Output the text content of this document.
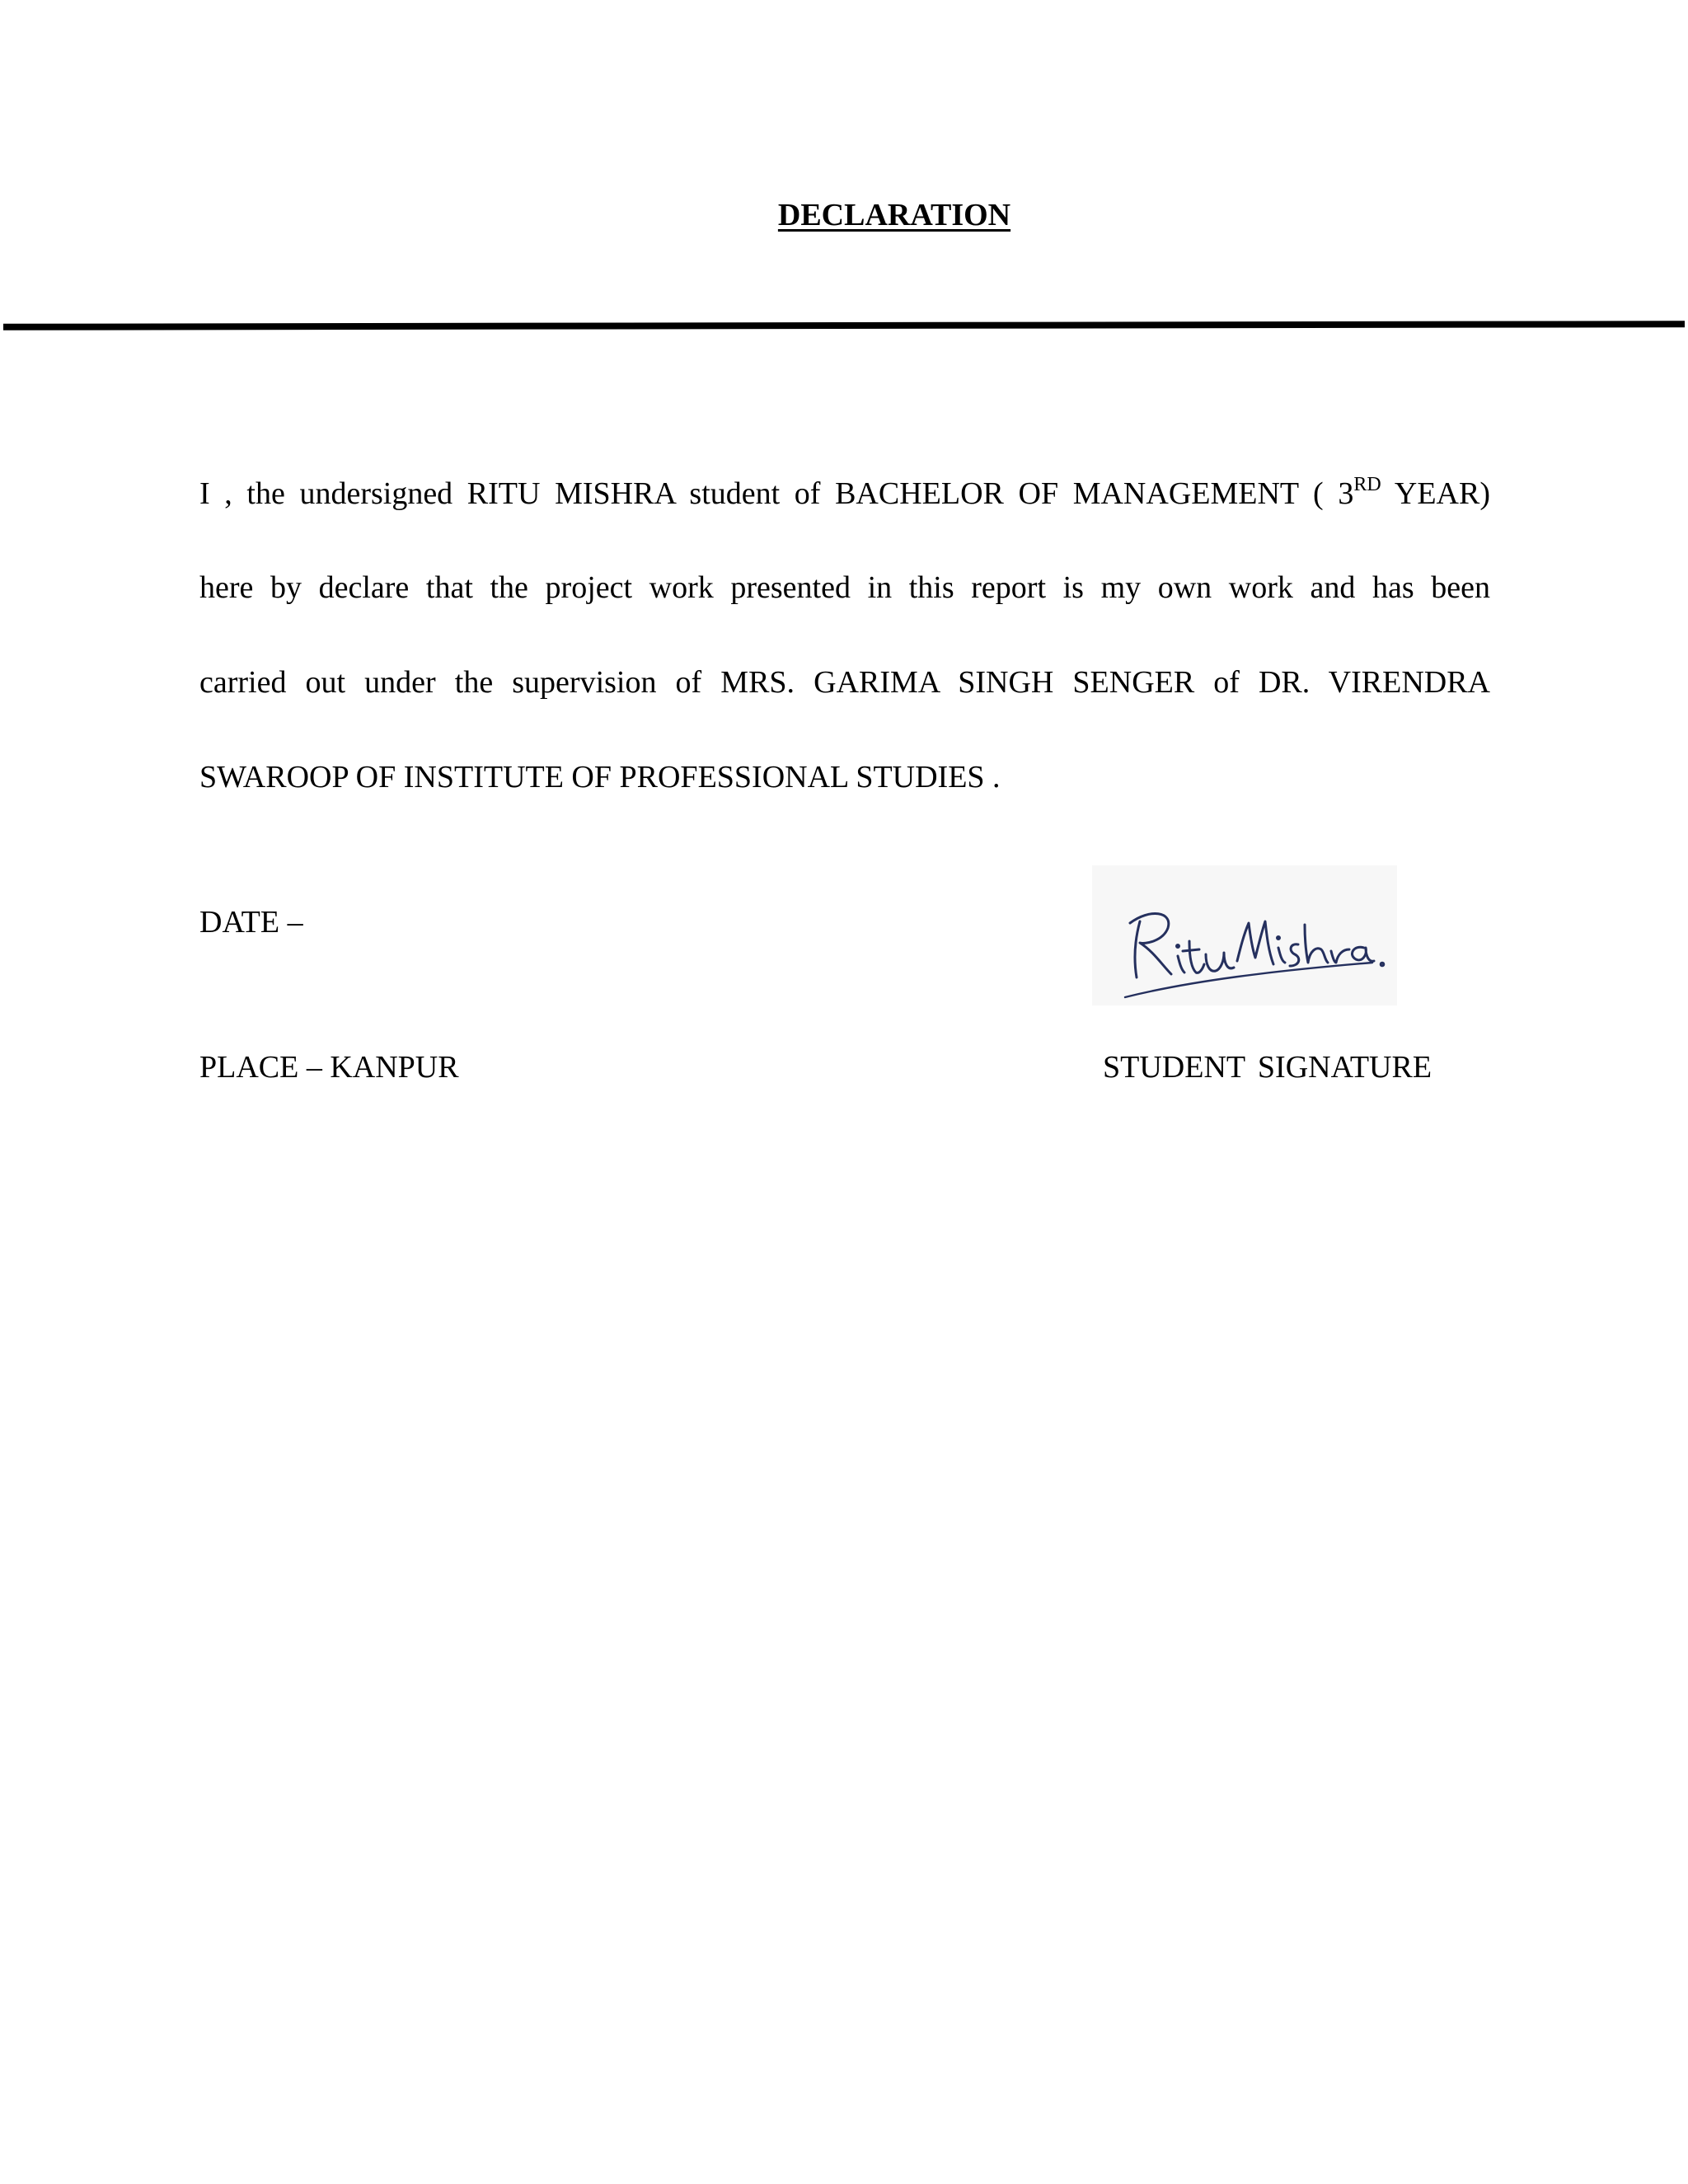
DECLARATION
I , the undersigned RITU MISHRA student of BACHELOR OF MANAGEMENT ( 3RD YEAR)
here by declare that the project work presented in this report is my own work and has been
carried out under the supervision of MRS. GARIMA SINGH SENGER of DR. VIRENDRA
SWAROOP OF INSTITUTE OF PROFESSIONAL STUDIES .
DATE –
PLACE – KANPUR	STUDENT SIGNATURE
